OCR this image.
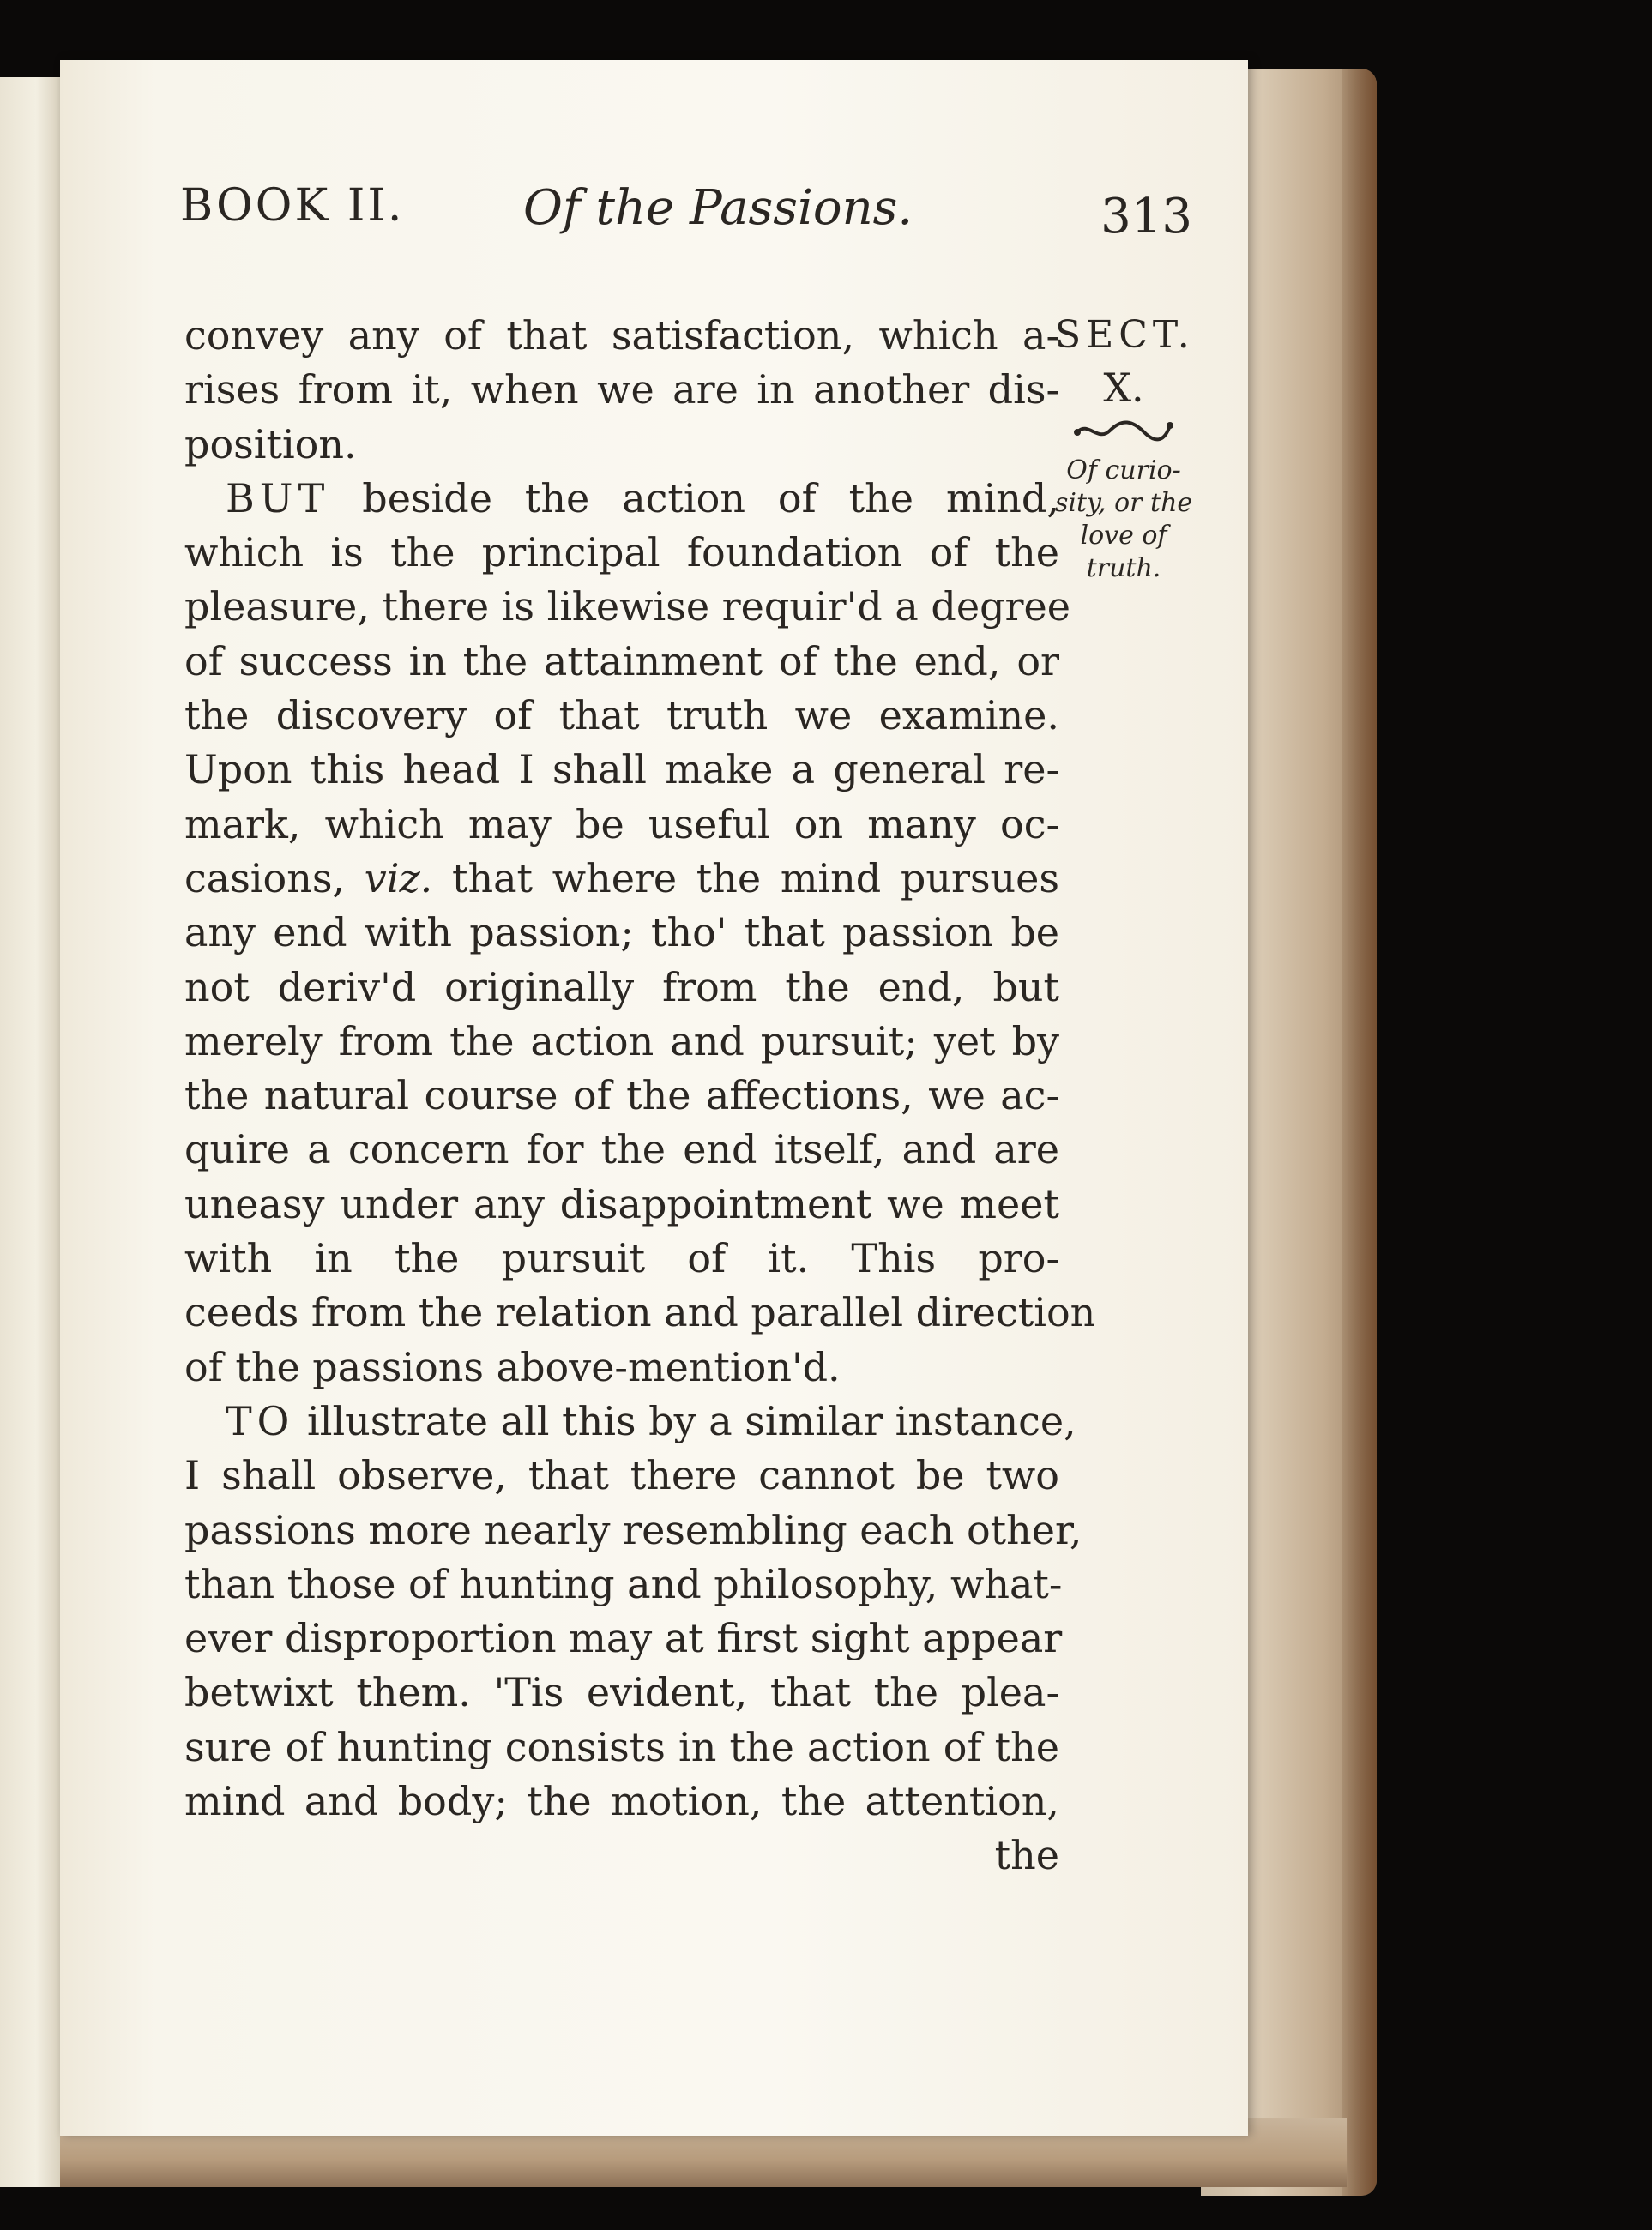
BOOK II. Of the Passions.	313
SECT.
X.
Of curio-
sity, or the
love of
truth.
convey any of that satisfaction, which a-
rises from it, when we are in another dis-
position.
BUT beside the action of the mind,
which is the principal foundation of the
pleasure, there is likewise requir'd a degree
of success in the attainment of the end, or
the discovery of that truth we examine.
Upon this head I shall make a general re-
mark, which may be useful on many oc-
casions, viz. that where the mind pursues
any end with passion; tho' that passion be
not deriv'd originally from the end, but
merely from the action and pursuit; yet by
the natural course of the affections, we ac-
quire a concern for the end itself, and are
uneasy under any disappointment we meet
with in the pursuit of it. This pro-
ceeds from the relation and parallel direction
of the passions above-mention'd.
TO illustrate all this by a similar instance,
I shall observe, that there cannot be two
passions more nearly resembling each other,
than those of hunting and philosophy, what-
ever disproportion may at first sight appear
betwixt them. 'Tis evident, that the plea-
sure of hunting consists in the action of the
mind and body; the motion, the attention,
the
